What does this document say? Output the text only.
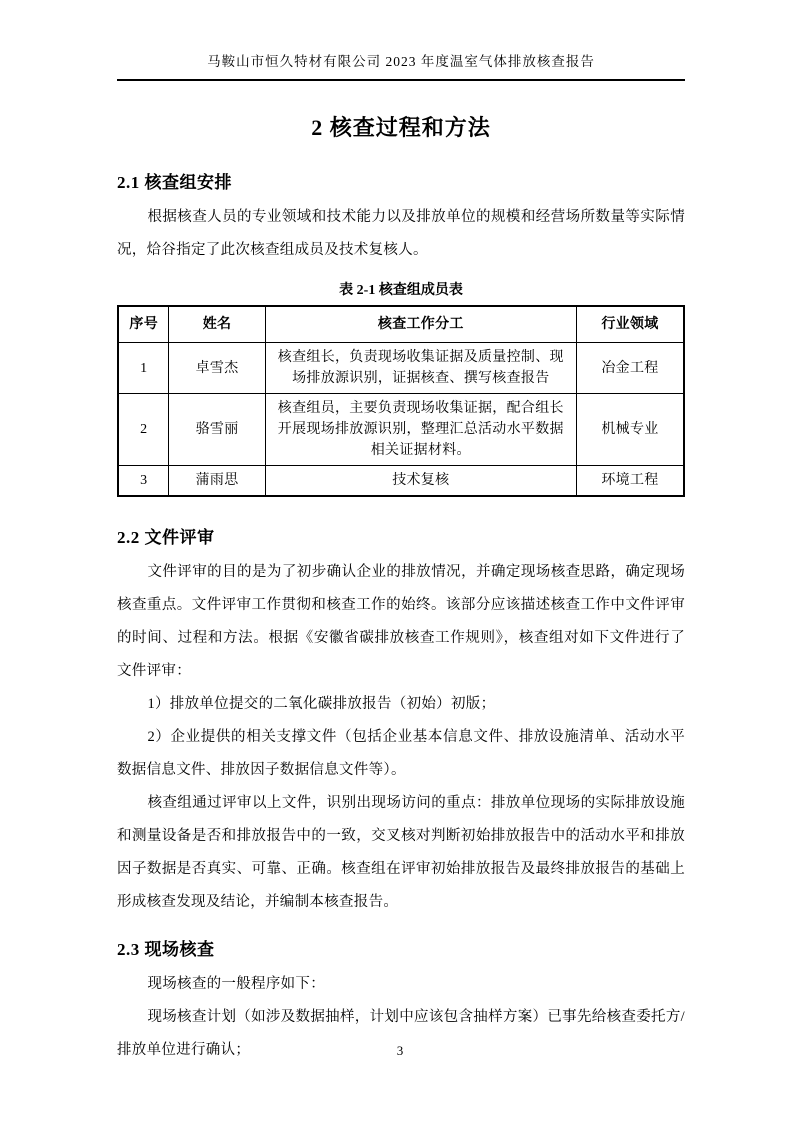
马鞍山市恒久特材有限公司 2023 年度温室气体排放核查报告
2 核查过程和方法
2.1 核查组安排

根据核查人员的专业领域和技术能力以及排放单位的规模和经营场所数量等实际情况，烚谷指定了此次核查组成员及技术复核人。

表 2-1 核查组成员表
序号	姓名	核查工作分工	行业领域
1	卓雪杰	核查组长，负责现场收集证据及质量控制、现场排放源识别，证据核查、撰写核查报告	冶金工程
2	骆雪丽	核查组员，主要负责现场收集证据，配合组长开展现场排放源识别，整理汇总活动水平数据相关证据材料。	机械专业
3	蒲雨思	技术复核	环境工程
2.2 文件评审

文件评审的目的是为了初步确认企业的排放情况，并确定现场核查思路，确定现场核查重点。文件评审工作贯彻和核查工作的始终。该部分应该描述核查工作中文件评审的时间、过程和方法。根据《安徽省碳排放核查工作规则》，核查组对如下文件进行了文件评审：

1）排放单位提交的二氧化碳排放报告（初始）初版；

2）企业提供的相关支撑文件（包括企业基本信息文件、排放设施清单、活动水平数据信息文件、排放因子数据信息文件等）。

核查组通过评审以上文件，识别出现场访问的重点：排放单位现场的实际排放设施和测量设备是否和排放报告中的一致，交叉核对判断初始排放报告中的活动水平和排放因子数据是否真实、可靠、正确。核查组在评审初始排放报告及最终排放报告的基础上形成核查发现及结论，并编制本核查报告。

2.3 现场核查

现场核查的一般程序如下：

现场核查计划（如涉及数据抽样，计划中应该包含抽样方案）已事先给核查委托方/排放单位进行确认；	3
